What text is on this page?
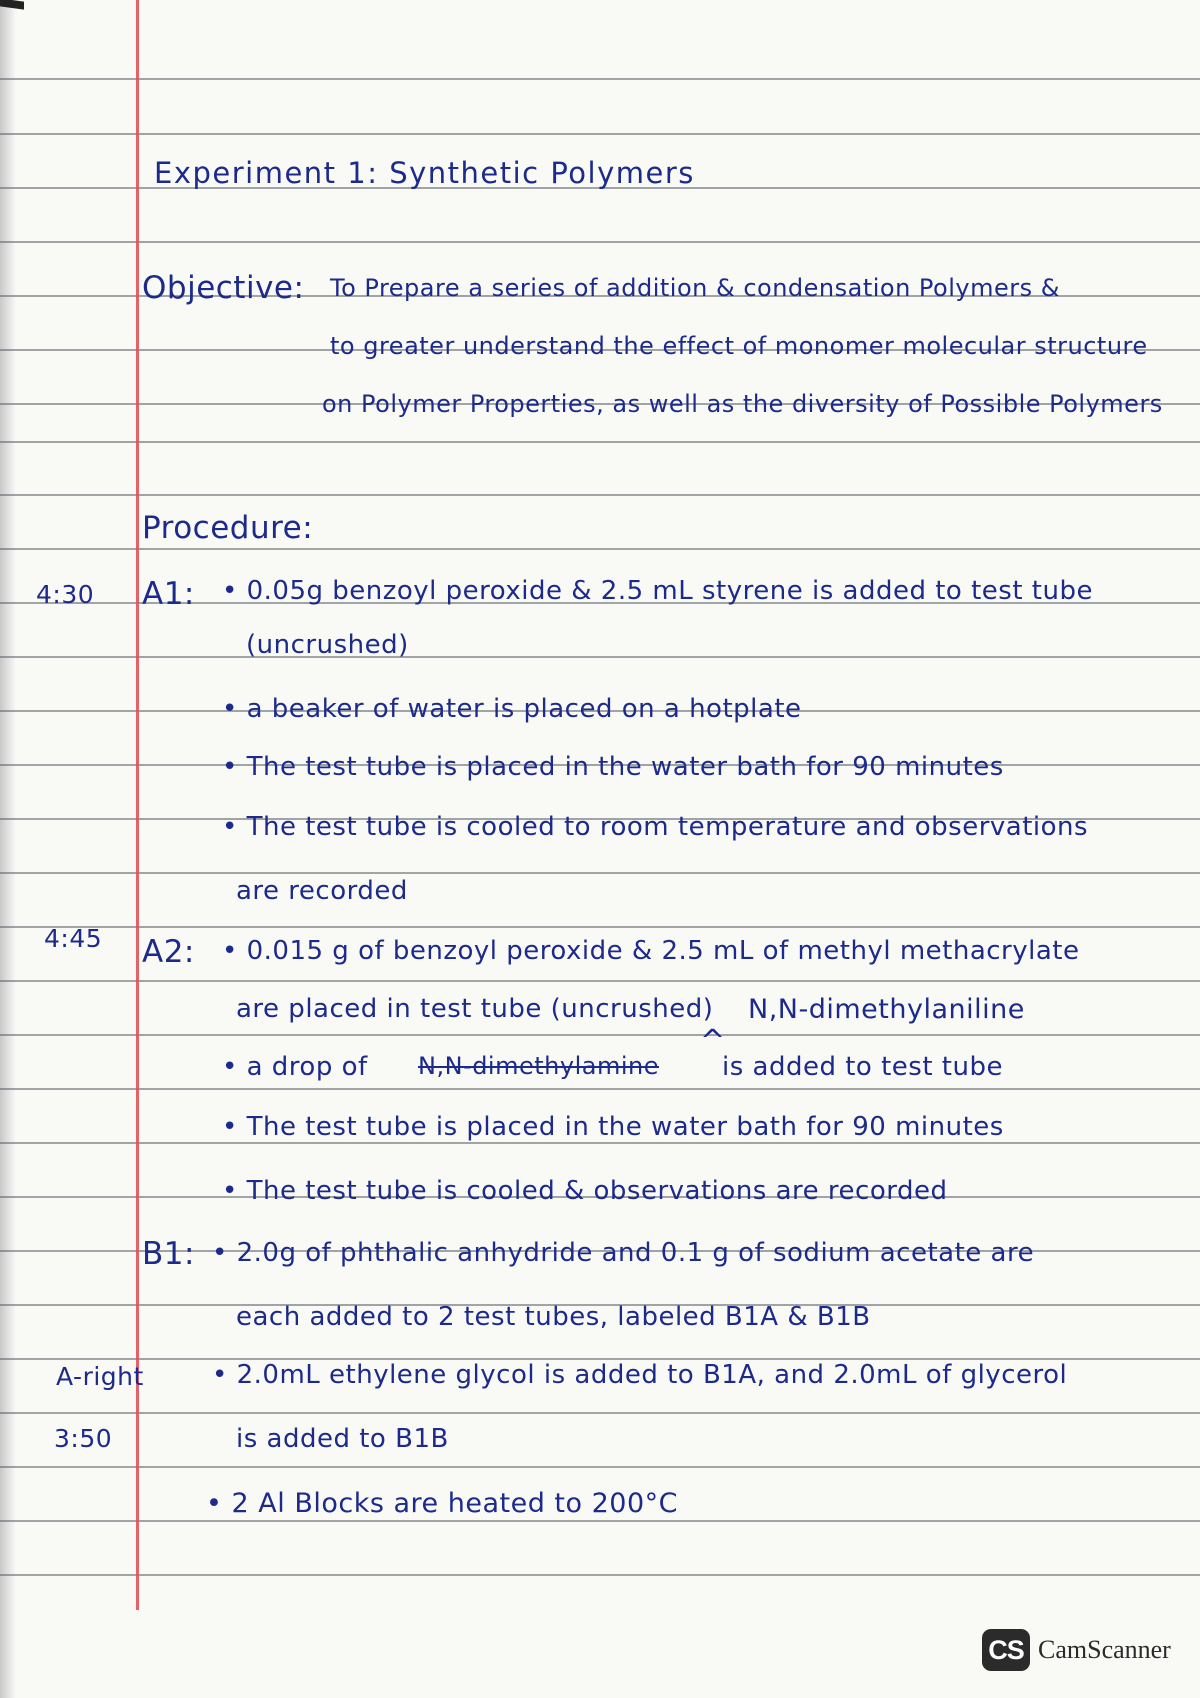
Experiment 1: Synthetic Polymers
Objective: To Prepare a series of addition & condensation Polymers &
to greater understand the effect of monomer molecular structure
on Polymer Properties, as well as the diversity of Possible Polymers
Procedure:
4:30 A1: • 0.05g benzoyl peroxide & 2.5 mL styrene is added to test tube
(uncrushed)
• a beaker of water is placed on a hotplate
• The test tube is placed in the water bath for 90 minutes
• The test tube is cooled to room temperature and observations
are recorded
4:45 A2: • 0.015 g of benzoyl peroxide & 2.5 mL of methyl methacrylate
are placed in test tube (uncrushed) N,N-dimethylaniline
^
• a drop of N,N-dimethylamine is added to test tube
• The test tube is placed in the water bath for 90 minutes
• The test tube is cooled & observations are recorded
B1: • 2.0g of phthalic anhydride and 0.1 g of sodium acetate are
each added to 2 test tubes, labeled B1A & B1B
A-right	• 2.0mL ethylene glycol is added to B1A, and 2.0mL of glycerol
3:50	is added to B1B
• 2 Al Blocks are heated to 200°C
CS CamScanner
